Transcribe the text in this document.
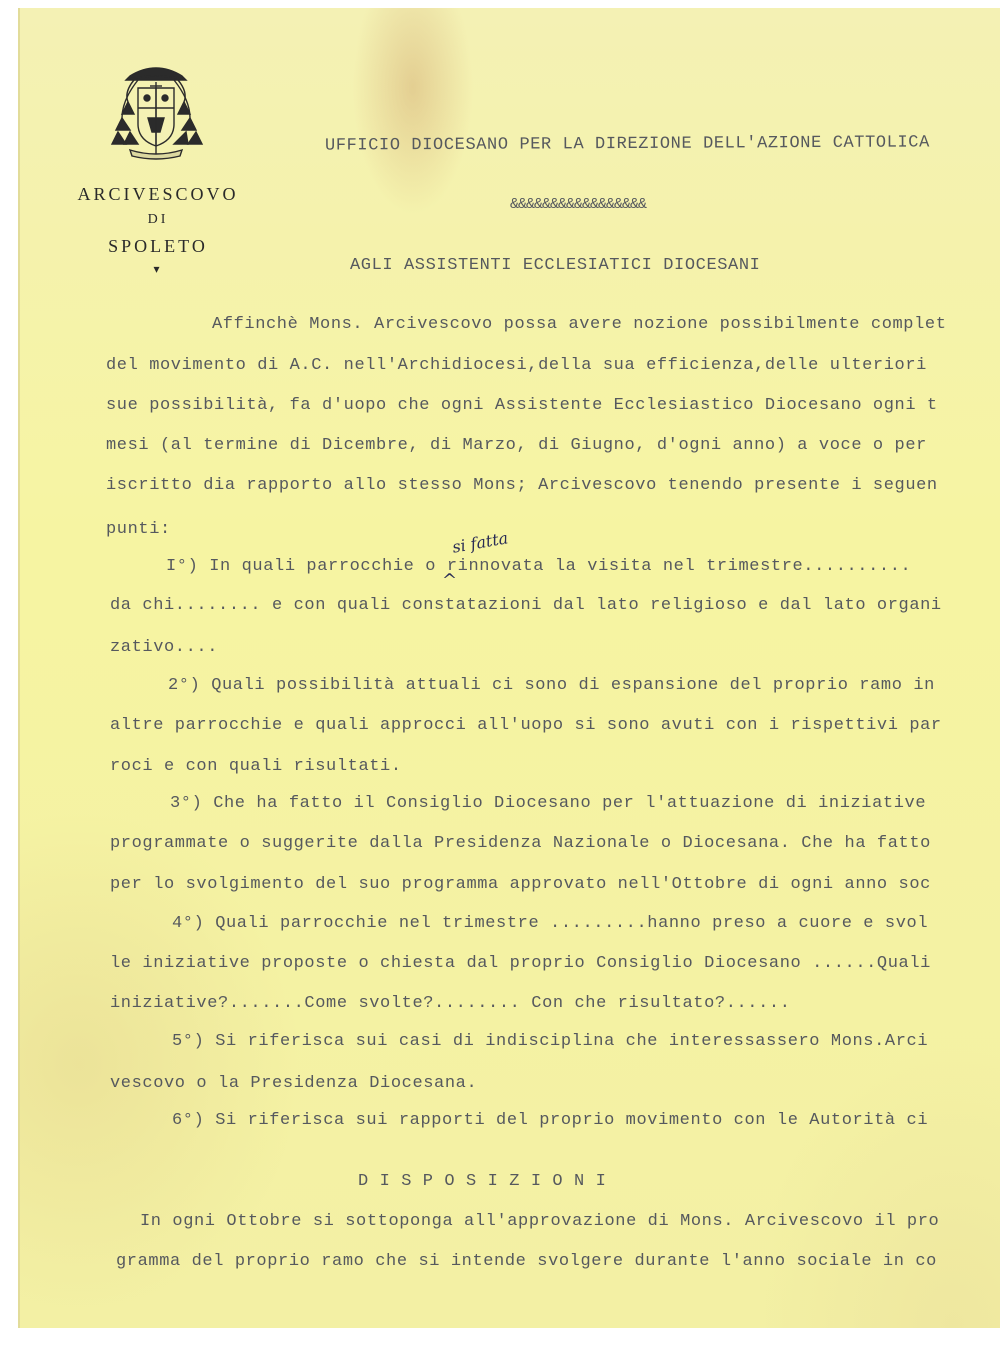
ARCIVESCOVO
DI
SPOLETO
▾
UFFICIO DIOCESANO PER LA DIREZIONE DELL'AZIONE CATTOLICA
&&&&&&&&&&&&&&&&&
AGLI ASSISTENTI ECCLESIATICI DIOCESANI
Affinchè Mons. Arcivescovo possa avere nozione possibilmente complet
del movimento di A.C. nell'Archidiocesi,della sua efficienza,delle ulteriori
sue possibilità, fa d'uopo che ogni Assistente Ecclesiastico Diocesano ogni t
mesi (al termine di Dicembre, di Marzo, di Giugno, d'ogni anno) a voce o per
iscritto dia rapporto allo stesso Mons; Arcivescovo tenendo presente i seguen
punti:
I°) In quali parrocchie o rinnovata la visita nel trimestre..........
da chi........ e con quali constatazioni dal lato religioso e dal lato organi
zativo....
2°) Quali possibilità attuali ci sono di espansione del proprio ramo in
altre parrocchie e quali approcci all'uopo si sono avuti con i rispettivi par
roci e con quali risultati.
3°) Che ha fatto il Consiglio Diocesano per l'attuazione di iniziative
programmate o suggerite dalla Presidenza Nazionale o Diocesana. Che ha fatto
per lo svolgimento del suo programma approvato nell'Ottobre di ogni anno soc
4°) Quali parrocchie nel trimestre .........hanno preso a cuore e svol
le iniziative proposte o chiesta dal proprio Consiglio Diocesano ......Quali
iniziative?.......Come svolte?........ Con che risultato?......
5°) Si riferisca sui casi di indisciplina che interessassero Mons.Arci
vescovo o la Presidenza Diocesana.
6°) Si riferisca sui rapporti del proprio movimento con le Autorità ci
si fatta
^
D I S P O S I Z I O N I
In ogni Ottobre si sottoponga all'approvazione di Mons. Arcivescovo il pro
gramma del proprio ramo che si intende svolgere durante l'anno sociale in co
